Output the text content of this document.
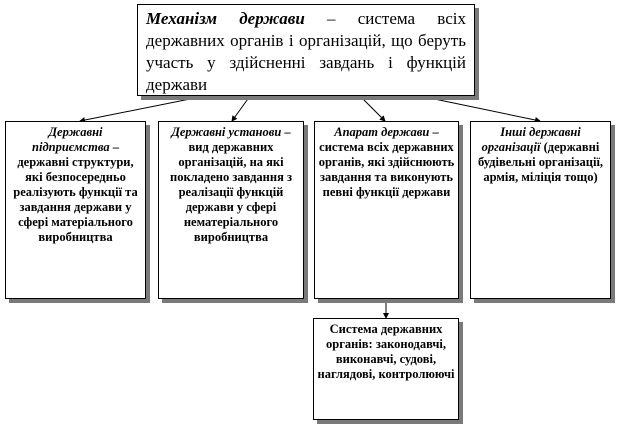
Механізм держави – система всіх державних органів і організацій, що беруть участь у здійсненні завдань і функцій держави
Державні підприємства – державні структури, які безпосередньо реалізують функції та завдання держави у сфері матеріального виробництва
Державні установи – вид державних організацій, на які покладено завдання з реалізації функцій держави у сфері нематеріального виробництва
Апарат держави – система всіх державних органів, які здійснюють завдання та виконують певні функції держави
Інші державні організації (державні будівельні організації, армія, міліція тощо)
Система державних органів: законодавчі, виконавчі, судові, наглядові, контролюючі
